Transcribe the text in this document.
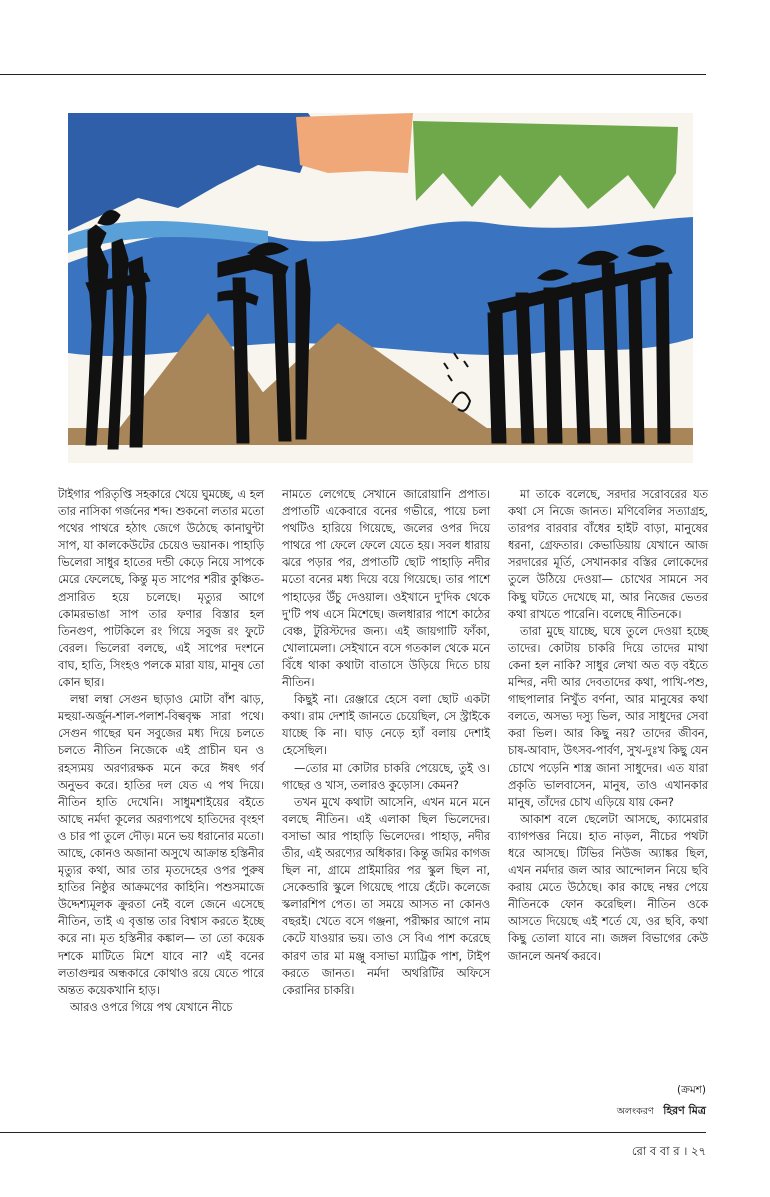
টাইগার পরিতৃপ্তি সহকারে খেয়ে ঘুমচ্ছে, এ হল তার নাসিকা গর্জনের শব্দ। শুকনো লতার মতো পথের পাথরে হঠাৎ জেগে উঠেছে কানাঘুন্টা সাপ, যা কালকেউটের চেয়েও ভয়ানক। পাহাড়ি ভিলেরা সাধুর হাতের দন্ডী কেড়ে নিয়ে সাপকে মেরে ফেলেছে, কিন্তু মৃত সাপের শরীর কুঞ্চিত-প্রসারিত হয়ে চলেছে। মৃত্যুর আগে কোমরভাঙা সাপ তার ফণার বিস্তার হল তিনগুণ, পাটকিলে রং গিয়ে সবুজ রং ফুটে বেরল। ভিলেরা বলছে, এই সাপের দংশনে বাঘ, হাতি, সিংহও পলকে মারা যায়, মানুষ তো কোন ছার।

লম্বা লম্বা সেগুন ছাড়াও মোটা বাঁশ ঝাড়, মহুয়া-অর্জুন-শাল-পলাশ-বিল্ববৃক্ষ সারা পথে। সেগুন গাছের ঘন সবুজের মধ্য দিয়ে চলতে চলতে নীতিন নিজেকে এই প্রাচীন ঘন ও রহস্যময় অরণ্যরক্ষক মনে করে ঈষৎ গর্ব অনুভব করে। হাতির দল যেত এ পথ দিয়ে। নীতিন হাতি দেখেনি। সাধুমশাইয়ের বইতে আছে নর্মদা কূলের অরণ্যপথে হাতিদের বৃংহণ ও চার পা তুলে দৌড়। মনে ভয় ধরানোর মতো। আছে, কোনও অজানা অসুখে আক্রান্ত হস্তিনীর মৃত্যুর কথা, আর তার মৃতদেহের ওপর পুরুষ হাতির নিষ্ঠুর আক্রমণের কাহিনি। পশুসমাজে উদ্দেশ্যমূলক ক্রুরতা নেই বলে জেনে এসেছে নীতিন, তাই এ বৃত্তান্ত তার বিশ্বাস করতে ইচ্ছে করে না। মৃত হস্তিনীর কঙ্কাল— তা তো কয়েক দশকে মাটিতে মিশে যাবে না? এই বনের লতাগুল্মর অন্ধকারে কোথাও রয়ে যেতে পারে অন্তত কয়েকখানি হাড়।

আরও ওপরে গিয়ে পথ যেখানে নীচে

নামতে লেগেছে সেখানে জারোয়ানি প্রপাত। প্রপাতটি একেবারে বনের গভীরে, পায়ে চলা পথটিও হারিয়ে গিয়েছে, জলের ওপর দিয়ে পাথরে পা ফেলে ফেলে যেতে হয়। সবল ধারায় ঝরে পড়ার পর, প্রপাতটি ছোট পাহাড়ি নদীর মতো বনের মধ্য দিয়ে বয়ে গিয়েছে। তার পাশে পাহাড়ের উঁচু দেওয়াল। ওইখানে দু'দিক থেকে দু'টি পথ এসে মিশেছে। জলধারার পাশে কাঠের বেঞ্চ, টুরিস্টদের জন্য। এই জায়গাটি ফাঁকা, খোলামেলা। সেইখানে বসে গতকাল থেকে মনে বিঁধে থাকা কথাটা বাতাসে উড়িয়ে দিতে চায় নীতিন।

কিছুই না। রেঞ্জারে হেসে বলা ছোট একটা কথা। রাম দেশাই জানতে চেয়েছিল, সে স্ট্রাইকে যাচ্ছে কি না। ঘাড় নেড়ে হ্যাঁ বলায় দেশাই হেসেছিল।

—তোর মা কোটার চাকরি পেয়েছে, তুই ও। গাছের ও খাস, তলারও কুড়োস। কেমন?

তখন মুখে কথাটা আসেনি, এখন মনে মনে বলছে নীতিন। এই এলাকা ছিল ভিলেদের। বসাভা আর পাহাড়ি ভিলেদের। পাহাড়, নদীর তীর, এই অরণ্যের অধিকার। কিন্তু জমির কাগজ ছিল না, গ্রামে প্রাইমারির পর স্কুল ছিল না, সেকেন্ডারি স্কুলে গিয়েছে পায়ে হেঁটে। কলেজে স্কলারশিপ পেত। তা সময়ে আসত না কোনও বছরই। খেতে বসে গঞ্জনা, পরীক্ষার আগে নাম কেটে যাওয়ার ভয়। তাও সে বিএ পাশ করেছে কারণ তার মা মঞ্জু বসাভা ম্যাট্রিক পাশ, টাইপ করতে জানত। নর্মদা অথরিটির অফিসে কেরানির চাকরি।

মা তাকে বলেছে, সরদার সরোবরের যত কথা সে নিজে জানত। মণিবেলির সত্যাগ্রহ, তারপর বারবার বাঁধের হাইট বাড়া, মানুষের ধরনা, গ্রেফতার। কেভাডিয়ায় যেখানে আজ সরদারের মূর্তি, সেখানকার বস্তির লোকেদের তুলে উঠিয়ে দেওয়া— চোখের সামনে সব কিছু ঘটতে দেখেছে মা, আর নিজের ভেতর কথা রাখতে পারেনি। বলেছে নীতিনকে।

তারা মুছে যাচ্ছে, ঘষে তুলে দেওয়া হচ্ছে তাদের। কোটায় চাকরি দিয়ে তাদের মাথা কেনা হল নাকি? সাধুর লেখা অত বড় বইতে মন্দির, নদী আর দেবতাদের কথা, পাখি-পশু, গাছপালার নিখুঁত বর্ণনা, আর মানুষের কথা বলতে, অসভ্য দস্যু ভিল, আর সাধুদের সেবা করা ভিল। আর কিছু নয়? তাদের জীবন, চাষ-আবাদ, উৎসব-পার্বণ, সুখ-দুঃখ কিছু যেন চোখে পড়েনি শাস্ত্র জানা সাধুদের। এত যারা প্রকৃতি ভালবাসেন, মানুষ, তাও এখানকার মানুষ, তাঁদের চোখ এড়িয়ে যায় কেন?

আকাশ বলে ছেলেটা আসছে, ক্যামেরার ব্যাগপত্তর নিয়ে। হাত নাড়ল, নীচের পথটা ধরে আসছে। টিভির নিউজ অ্যাঙ্কর ছিল, এখন নর্মদার জল আর আন্দোলন নিয়ে ছবি করায় মেতে উঠেছে। কার কাছে নম্বর পেয়ে নীতিনকে ফোন করেছিল। নীতিন ওকে আসতে দিয়েছে এই শর্তে যে, ওর ছবি, কথা কিছু তোলা যাবে না। জঙ্গল বিভাগের কেউ জানলে অনর্থ করবে।

(ক্রমশ)
অলংকরণ হিরণ মিত্র
রো ব বা র । ২৭
